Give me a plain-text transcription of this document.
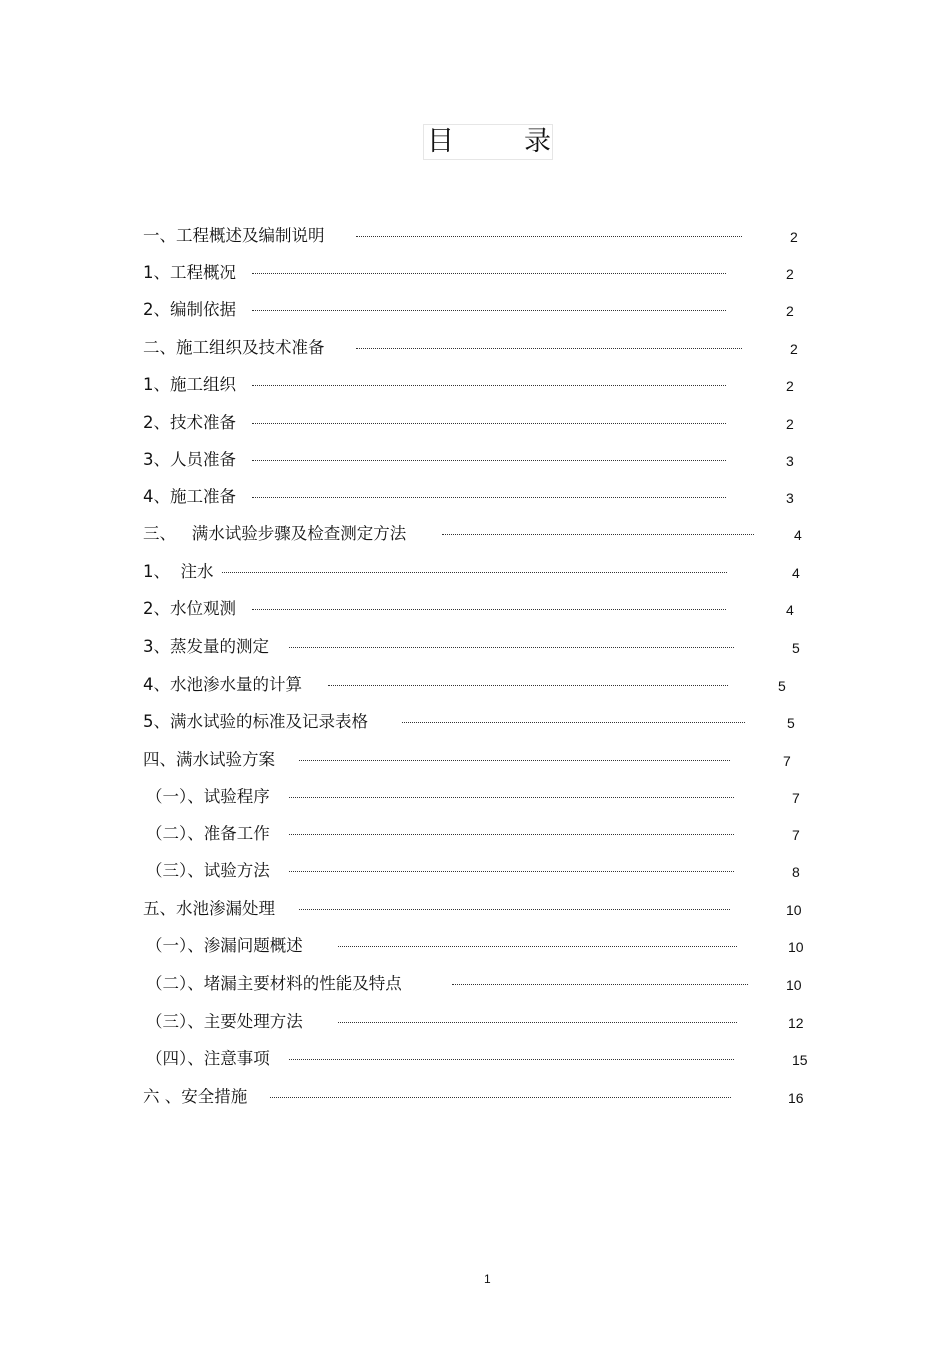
目	录
一、工程概述及编制说明	2
1、工程概况	2
2、编制依据	2
二、施工组织及技术准备	2
1、施工组织	2
2、技术准备	2
3、人员准备	3
4、施工准备	3
三、   满水试验步骤及检查测定方法	4
1、  注水	4
2、水位观测	4
3、蒸发量的测定	5
4、水池渗水量的计算	5
5、满水试验的标准及记录表格	5
四、满水试验方案	7
（一）、试验程序	7
（二）、准备工作	7
（三）、试验方法	8
五、水池渗漏处理	10
（一）、渗漏问题概述	10
（二）、堵漏主要材料的性能及特点	10
（三）、主要处理方法	12
（四）、注意事项	15
六 、安全措施	16
1
